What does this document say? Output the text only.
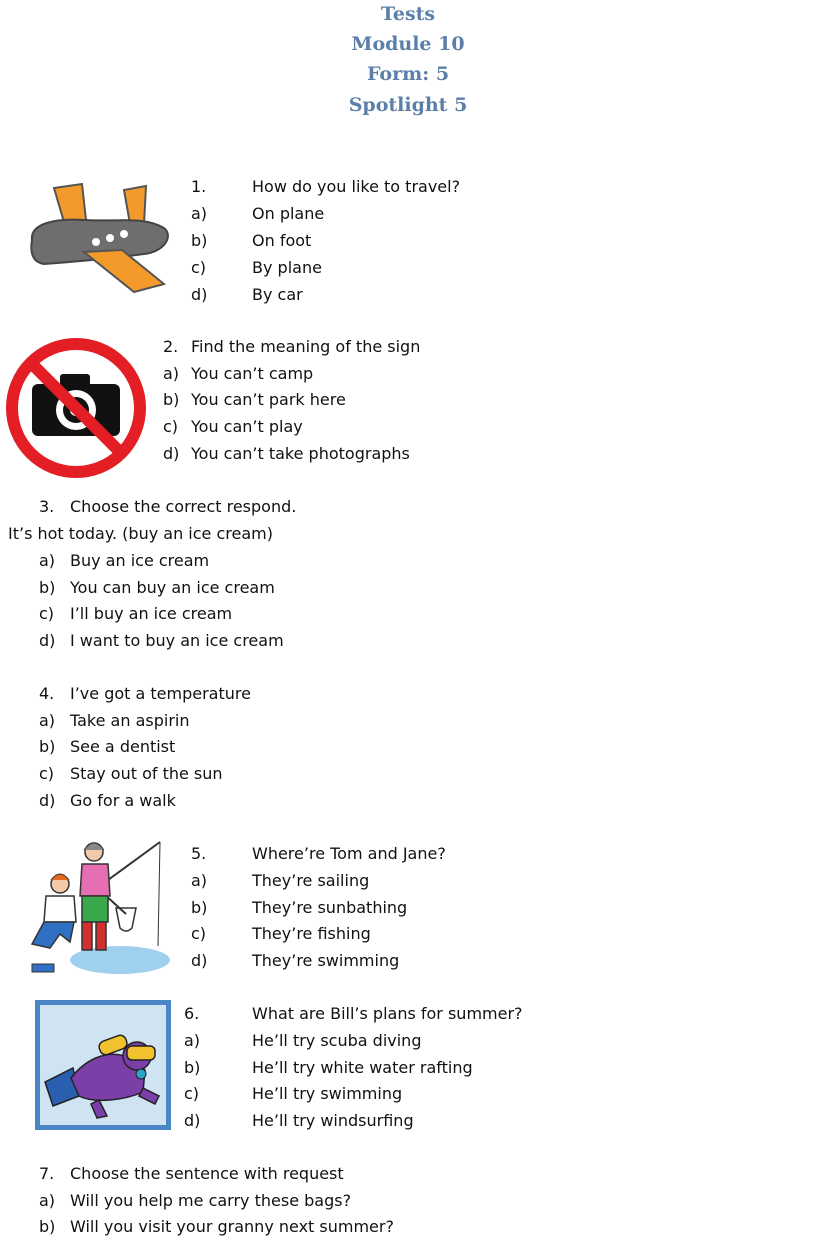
Tests
Module 10
Form: 5
Spotlight 5
1.	How do you like to travel?
a)	On plane
b)	On foot
c)	By plane
d)	By car
2. Find the meaning of the sign
a) You can’t camp
b) You can’t park here
c) You can’t play
d) You can’t take photographs
3. Choose the correct respond.
It’s hot today. (buy an ice cream)
a) Buy an ice cream
b) You can buy an ice cream
c) I’ll buy an ice cream
d) I want to buy an ice cream
4. I’ve got a temperature
a) Take an aspirin
b) See a dentist
c) Stay out of the sun
d) Go for a walk
5.	Where’re Tom and Jane?
a)	They’re sailing
b)	They’re sunbathing
c)	They’re fishing
d)	They’re swimming
6.	What are Bill’s plans for summer?
a)	He’ll try scuba diving
b)	He’ll try white water rafting
c)	He’ll try swimming
d)	He’ll try windsurfing
7. Choose the sentence with request
a) Will you help me carry these bags?
b) Will you visit your granny next summer?
